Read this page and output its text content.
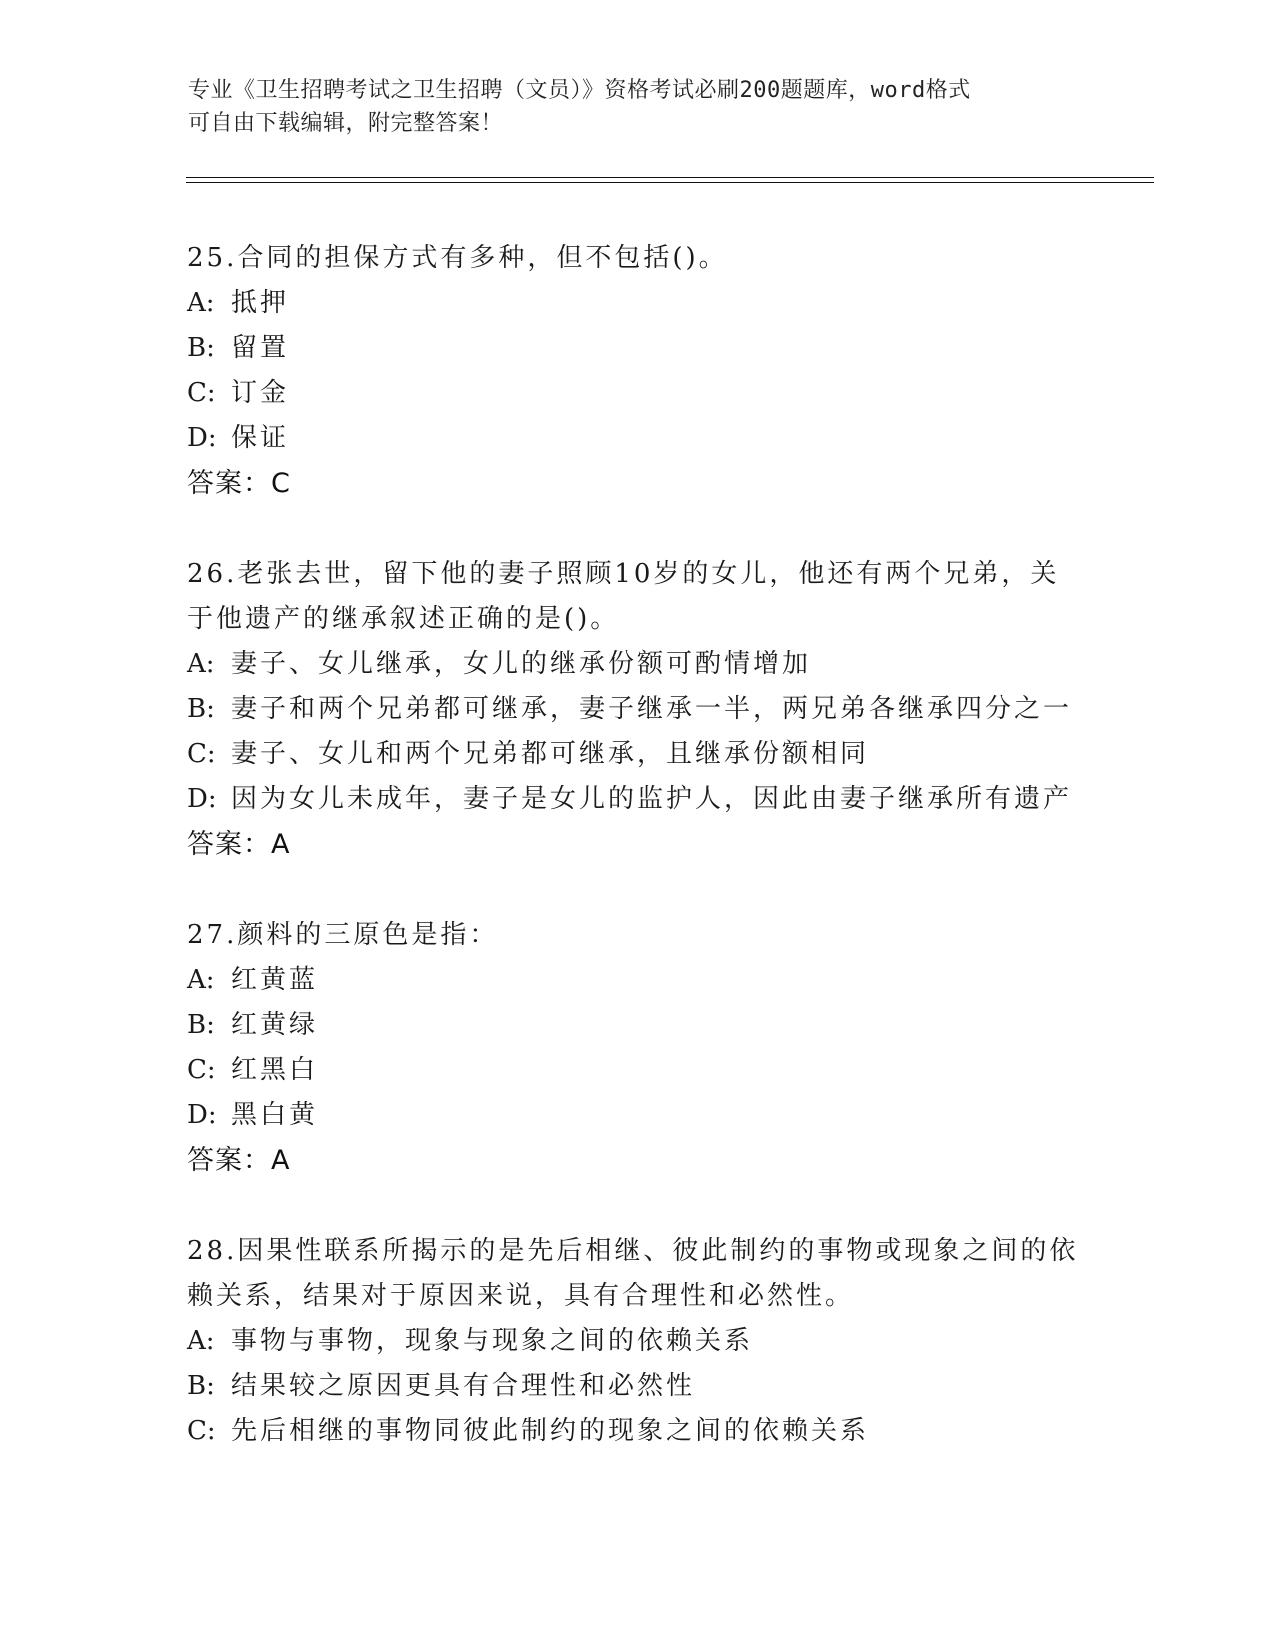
专业《卫生招聘考试之卫生招聘（文员）》资格考试必刷200题题库，word格式
可自由下载编辑，附完整答案！
25.合同的担保方式有多种，但不包括()。
A: 抵押
B: 留置
C: 订金
D: 保证
答案：C
26.老张去世，留下他的妻子照顾10岁的女儿，他还有两个兄弟，关于他遗产的继承叙述正确的是()。
A: 妻子、女儿继承，女儿的继承份额可酌情增加
B: 妻子和两个兄弟都可继承，妻子继承一半，两兄弟各继承四分之一
C: 妻子、女儿和两个兄弟都可继承，且继承份额相同
D: 因为女儿未成年，妻子是女儿的监护人，因此由妻子继承所有遗产
答案：A
27.颜料的三原色是指：
A: 红黄蓝
B: 红黄绿
C: 红黑白
D: 黑白黄
答案：A
28.因果性联系所揭示的是先后相继、彼此制约的事物或现象之间的依赖关系，结果对于原因来说，具有合理性和必然性。
A: 事物与事物，现象与现象之间的依赖关系
B: 结果较之原因更具有合理性和必然性
C: 先后相继的事物同彼此制约的现象之间的依赖关系
